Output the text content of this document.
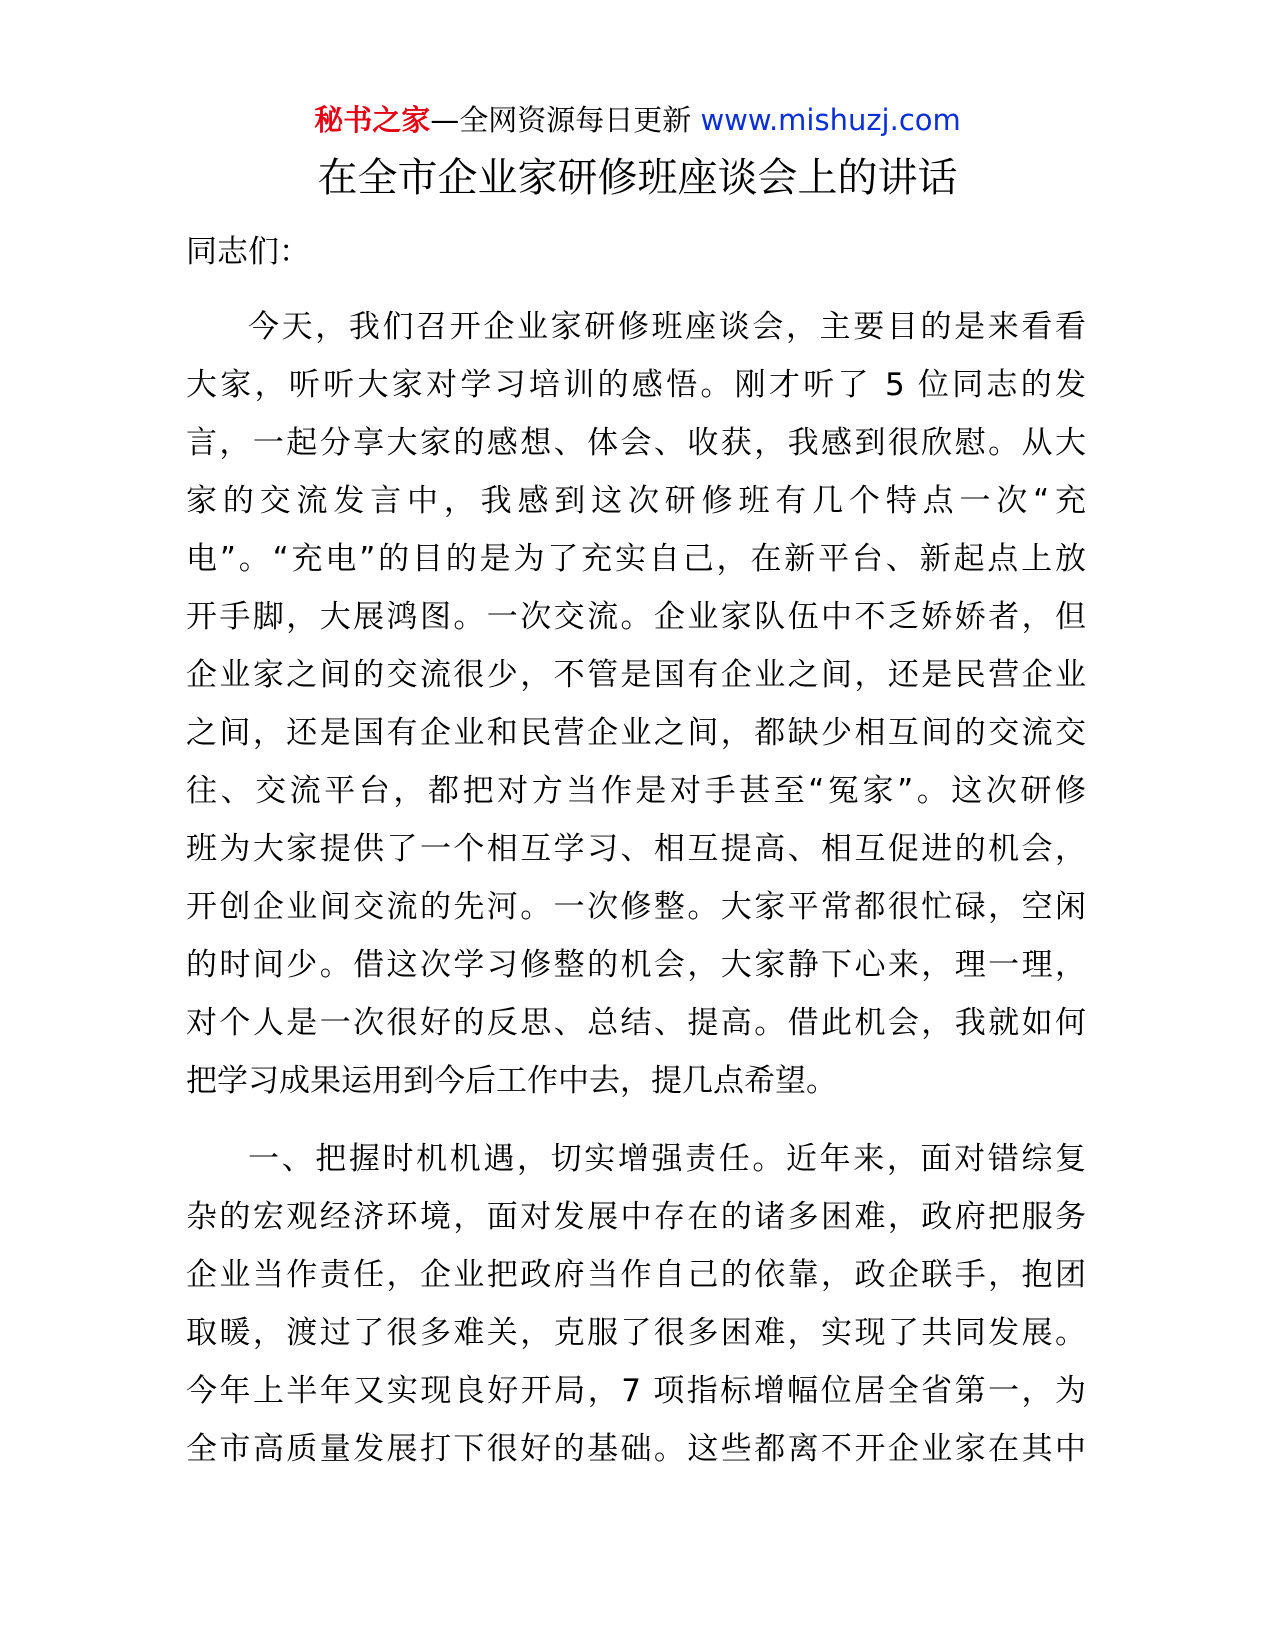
秘书之家—全网资源每日更新 www.mishuzj.com
在全市企业家研修班座谈会上的讲话
同志们：
今天，我们召开企业家研修班座谈会，主要目的是来看看
大家，听听大家对学习培训的感悟。刚才听了 5 位同志的发
言，一起分享大家的感想、体会、收获，我感到很欣慰。从大
家的交流发言中，我感到这次研修班有几个特点一次“充
电”。“充电”的目的是为了充实自己，在新平台、新起点上放
开手脚，大展鸿图。一次交流。企业家队伍中不乏娇娇者，但
企业家之间的交流很少，不管是国有企业之间，还是民营企业
之间，还是国有企业和民营企业之间，都缺少相互间的交流交
往、交流平台，都把对方当作是对手甚至“冤家”。这次研修
班为大家提供了一个相互学习、相互提高、相互促进的机会，
开创企业间交流的先河。一次修整。大家平常都很忙碌，空闲
的时间少。借这次学习修整的机会，大家静下心来，理一理，
对个人是一次很好的反思、总结、提高。借此机会，我就如何
把学习成果运用到今后工作中去，提几点希望。
一、把握时机机遇，切实增强责任。近年来，面对错综复
杂的宏观经济环境，面对发展中存在的诸多困难，政府把服务
企业当作责任，企业把政府当作自己的依靠，政企联手，抱团
取暖，渡过了很多难关，克服了很多困难，实现了共同发展。
今年上半年又实现良好开局，7 项指标增幅位居全省第一，为
全市高质量发展打下很好的基础。这些都离不开企业家在其中
